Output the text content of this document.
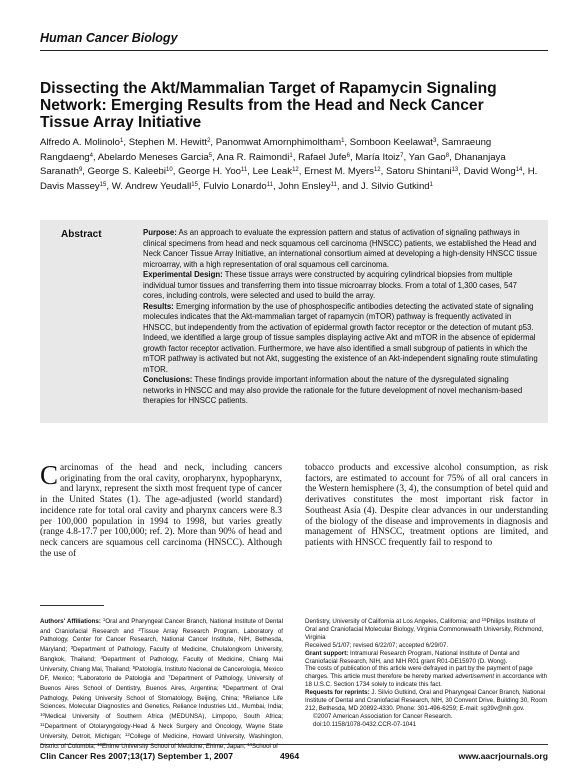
Human Cancer Biology
Dissecting the Akt/Mammalian Target of Rapamycin Signaling Network: Emerging Results from the Head and Neck Cancer Tissue Array Initiative
Alfredo A. Molinolo$^1$, Stephen M. Hewitt$^2$, Panomwat Amornphimoltham$^1$, Somboon Keelawat$^3$, Samraeung Rangdaeng$^4$, Abelardo Meneses Garcia$^5$, Ana R. Raimondi$^1$, Rafael Jufe$^6$, María Itoiz$^7$, Yan Gao$^8$, Dhananjaya Saranath$^9$, George S. Kaleebi$^{10}$, George H. Yoo$^{11}$, Lee Leak$^{12}$, Ernest M. Myers$^{12}$, Satoru Shintani$^{13}$, David Wong$^{14}$, H. Davis Massey$^{15}$, W. Andrew Yeudall$^{15}$, Fulvio Lonardo$^{11}$, John Ensley$^{11}$, and J. Silvio Gutkind$^1$
Abstract	Purpose: As an approach to evaluate the expression pattern and status of activation of signaling pathways in clinical specimens from head and neck squamous cell carcinoma (HNSCC) patients, we established the Head and Neck Cancer Tissue Array Initiative, an international consortium aimed at developing a high-density HNSCC tissue microarray, with a high representation of oral squamous cell carcinoma.

Experimental Design: These tissue arrays were constructed by acquiring cylindrical biopsies from multiple individual tumor tissues and transferring them into tissue microarray blocks. From a total of 1,300 cases, 547 cores, including controls, were selected and used to build the array.

Results: Emerging information by the use of phosphospecific antibodies detecting the activated state of signaling molecules indicates that the Akt-mammalian target of rapamycin (mTOR) pathway is frequently activated in HNSCC, but independently from the activation of epidermal growth factor receptor or the detection of mutant p53. Indeed, we identified a large group of tissue samples displaying active Akt and mTOR in the absence of epidermal growth factor receptor activation. Furthermore, we have also identified a small subgroup of patients in which the mTOR pathway is activated but not Akt, suggesting the existence of an Akt-independent signaling route stimulating mTOR.

Conclusions: These findings provide important information about the nature of the dysregulated signaling networks in HNSCC and may also provide the rationale for the future development of novel mechanism-based therapies for HNSCC patients.

Carcinomas of the head and neck, including cancers originating from the oral cavity, oropharynx, hypopharynx, and larynx, represent the sixth most frequent type of cancer in the United States (1). The age-adjusted (world standard) incidence rate for total oral cavity and pharynx cancers were 8.3 per 100,000 population in 1994 to 1998, but varies greatly (range 4.8-17.7 per 100,000; ref. 2). More than 90% of head and neck cancers are squamous cell carcinoma (HNSCC). Although the use of
tobacco products and excessive alcohol consumption, as risk factors, are estimated to account for 75% of all oral cancers in the Western hemisphere (3, 4), the consumption of betel quid and derivatives constitutes the most important risk factor in Southeast Asia (4). Despite clear advances in our understanding of the biology of the disease and improvements in diagnosis and management of HNSCC, treatment options are limited, and patients with HNSCC frequently fail to respond to
Authors' Affiliations: $^1$Oral and Pharyngeal Cancer Branch, National Institute of Dental and Craniofacial Research and $^2$Tissue Array Research Program, Laboratory of Pathology, Center for Cancer Research, National Cancer Institute, NIH, Bethesda, Maryland; $^3$Department of Pathology, Faculty of Medicine, Chulalongkorn University, Bangkok, Thailand; $^4$Department of Pathology, Faculty of Medicine, Chiang Mai University, Chiang Mai, Thailand; $^5$Patología, Instituto Nacional de Cancerología, Mexico DF, Mexico; $^6$Laboratorio de Patologia and $^7$Department of Pathology, University of Buenos Aires School of Dentistry, Buenos Aires, Argentina; $^8$Department of Oral Pathology, Peking University School of Stomatology, Beijing, China; $^9$Reliance Life Sciences, Molecular Diagnostics and Genetics, Reliance Industries Ltd., Mumbai, India; $^{10}$Medical University of Southern Africa (MEDUNSA), Limpopo, South Africa; $^{11}$Department of Otolaryngology-Head & Neck Surgery and Oncology, Wayne State University, Detroit, Michigan; $^{12}$College of Medicine, Howard University, Washington, District of Columbia; $^{13}$Ehime University School of Medicine, Ehime, Japan; $^{14}$School of

Dentistry, University of California at Los Angeles, California; and $^{15}$Philips Institute of Oral and Craniofacial Molecular Biology, Virginia Commonwealth University, Richmond, Virginia

Received 5/1/07; revised 6/22/07; accepted 6/29/07.

Grant support: Intramural Research Program, National Institute of Dental and Craniofacial Research, NIH, and NIH R01 grant R01-DE15970 (D. Wong).

The costs of publication of this article were defrayed in part by the payment of page charges. This article must therefore be hereby marked advertisement in accordance with 18 U.S.C. Section 1734 solely to indicate this fact.

Requests for reprints: J. Silvio Gutkind, Oral and Pharyngeal Cancer Branch, National Institute of Dental and Craniofacial Research, NIH, 30 Convent Drive, Building 30, Room 212, Bethesda, MD 20892-4330. Phone: 301-496-6259; E-mail: sg39v@nih.gov.

©2007 American Association for Cancer Research.

doi:10.1158/1078-0432.CCR-07-1041

Clin Cancer Res 2007;13(17) September 1, 2007	4964	www.aacrjournals.org
